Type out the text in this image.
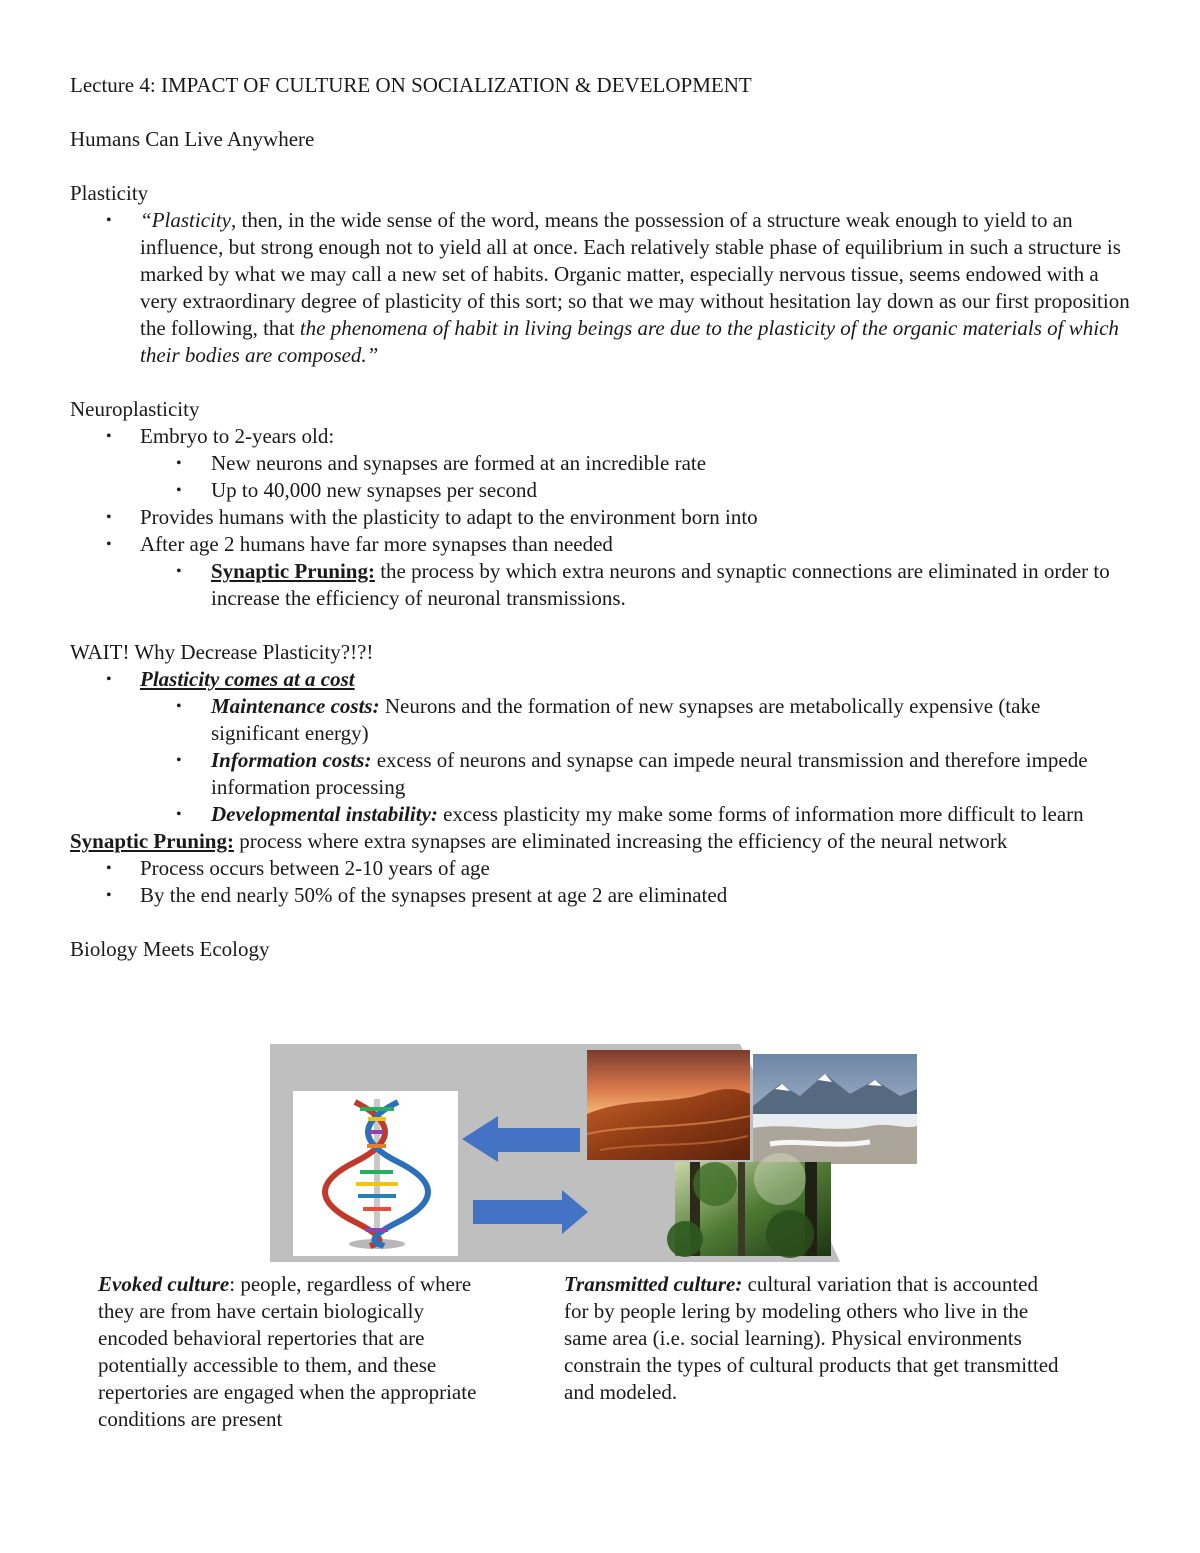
Lecture 4: IMPACT OF CULTURE ON SOCIALIZATION & DEVELOPMENT

Humans Can Live Anywhere

Plasticity

• “Plasticity, then, in the wide sense of the word, means the possession of a structure weak enough to yield to an influence, but strong enough not to yield all at once. Each relatively stable phase of equilibrium in such a structure is marked by what we may call a new set of habits. Organic matter, especially nervous tissue, seems endowed with a very extraordinary degree of plasticity of this sort; so that we may without hesitation lay down as our first proposition the following, that the phenomena of habit in living beings are due to the plasticity of the organic materials of which their bodies are composed.”

Neuroplasticity

• Embryo to 2-years old:
• New neurons and synapses are formed at an incredible rate
• Up to 40,000 new synapses per second
• Provides humans with the plasticity to adapt to the environment born into
• After age 2 humans have far more synapses than needed
• Synaptic Pruning: the process by which extra neurons and synaptic connections are eliminated in order to increase the efficiency of neuronal transmissions.

WAIT! Why Decrease Plasticity?!?!

• Plasticity comes at a cost
• Maintenance costs: Neurons and the formation of new synapses are metabolically expensive (take significant energy)
• Information costs: excess of neurons and synapse can impede neural transmission and therefore impede information processing
• Developmental instability: excess plasticity my make some forms of information more difficult to learn

Synaptic Pruning: process where extra synapses are eliminated increasing the efficiency of the neural network

• Process occurs between 2-10 years of age
• By the end nearly 50% of the synapses present at age 2 are eliminated

Biology Meets Ecology

Evoked culture: people, regardless of where they are from have certain biologically encoded behavioral repertories that are potentially accessible to them, and these repertories are engaged when the appropriate conditions are present
Transmitted culture: cultural variation that is accounted for by people lering by modeling others who live in the same area (i.e. social learning). Physical environments constrain the types of cultural products that get transmitted and modeled.
